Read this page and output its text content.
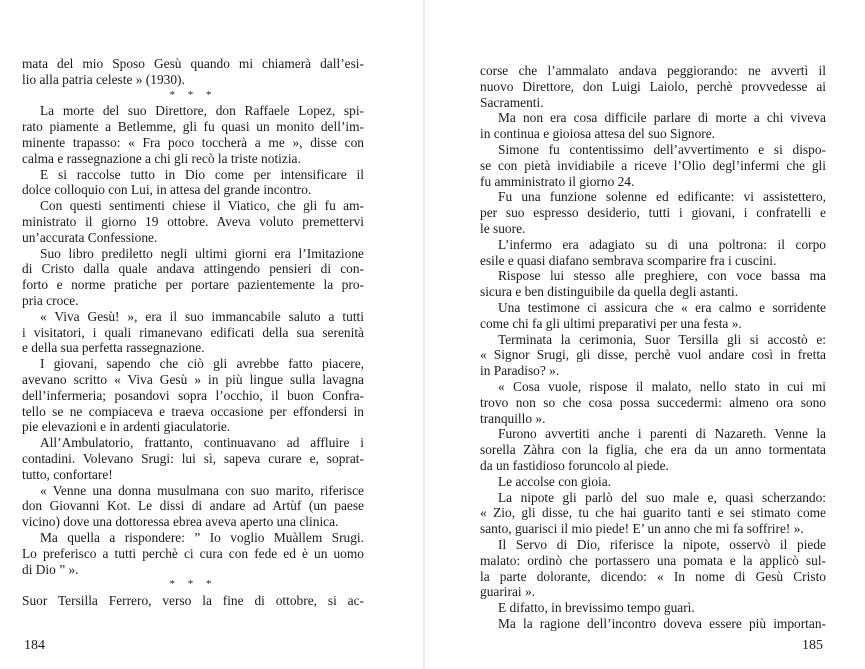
mata del mio Sposo Gesù quando mi chiamerà dall’esi-
lio alla patria celeste » (1930).
* * *
La morte del suo Direttore, don Raffaele Lopez, spi-
rato piamente a Betlemme, gli fu quasi un monito dell’im-
minente trapasso: « Fra poco toccherà a me », disse con
calma e rassegnazione a chi gli recò la triste notizia.
E si raccolse tutto in Dio come per intensificare il
dolce colloquio con Lui, in attesa del grande incontro.
Con questi sentimenti chiese il Viatico, che gli fu am-
ministrato il giorno 19 ottobre. Aveva voluto premettervi
un’accurata Confessione.
Suo libro prediletto negli ultimi giorni era l’Imitazione
di Cristo dalla quale andava attingendo pensieri di con-
forto e norme pratiche per portare pazientemente la pro-
pria croce.
« Viva Gesù! », era il suo immancabile saluto a tutti
i visitatori, i quali rimanevano edificati della sua serenità
e della sua perfetta rassegnazione.
I giovani, sapendo che ciò gli avrebbe fatto piacere,
avevano scritto « Viva Gesù » in più lingue sulla lavagna
dell’infermeria; posandovi sopra l’occhio, il buon Confra-
tello se ne compiaceva e traeva occasione per effondersi in
pie elevazioni e in ardenti giaculatorie.
All’Ambulatorio, frattanto, continuavano ad affluire i
contadini. Volevano Srugi: lui sì, sapeva curare e, soprat-
tutto, confortare!
« Venne una donna musulmana con suo marito, riferisce
don Giovanni Kot. Le dissi di andare ad Artùf (un paese
vicino) dove una dottoressa ebrea aveva aperto una clinica.
Ma quella a rispondere: ” Io voglio Muàllem Srugi.
Lo preferisco a tutti perchè ci cura con fede ed è un uomo
di Dio ” ».
* * *
Suor Tersilla Ferrero, verso la fine di ottobre, si ac-
184
corse che l’ammalato andava peggiorando: ne avvertì il
nuovo Direttore, don Luigi Laiolo, perchè provvedesse ai
Sacramenti.
Ma non era cosa difficile parlare di morte a chi viveva
in continua e gioiosa attesa del suo Signore.
Simone fu contentissimo dell’avvertimento e si dispo-
se con pietà invidiabile a riceve l’Olio degl’infermi che gli
fu amministrato il giorno 24.
Fu una funzione solenne ed edificante: vi assistettero,
per suo espresso desiderio, tutti i giovani, i confratelli e
le suore.
L’infermo era adagiato su di una poltrona: il corpo
esile e quasi diafano sembrava scomparire fra i cuscini.
Rispose lui stesso alle preghiere, con voce bassa ma
sicura e ben distinguibile da quella degli astanti.
Una testimone ci assicura che « era calmo e sorridente
come chi fa gli ultimi preparativi per una festa ».
Terminata la cerimonia, Suor Tersilla gli si accostò e:
« Signor Srugi, gli disse, perchè vuol andare così in fretta
in Paradiso? ».
« Cosa vuole, rispose il malato, nello stato in cui mi
trovo non so che cosa possa succedermi: almeno ora sono
tranquillo ».
Furono avvertiti anche i parenti di Nazareth. Venne la
sorella Zàhra con la figlia, che era da un anno tormentata
da un fastidioso foruncolo al piede.
Le accolse con gioia.
La nipote gli parlò del suo male e, quasi scherzando:
« Zio, gli disse, tu che hai guarito tanti e sei stimato come
santo, guarisci il mio piede! E’ un anno che mi fa soffrire! ».
Il Servo di Dio, riferisce la nipote, osservò il piede
malato: ordinò che portassero una pomata e la applicò sul-
la parte dolorante, dicendo: « In nome di Gesù Cristo
guarirai ».
E difatto, in brevissimo tempo guarì.
Ma la ragione dell’incontro doveva essere più importan-
185
